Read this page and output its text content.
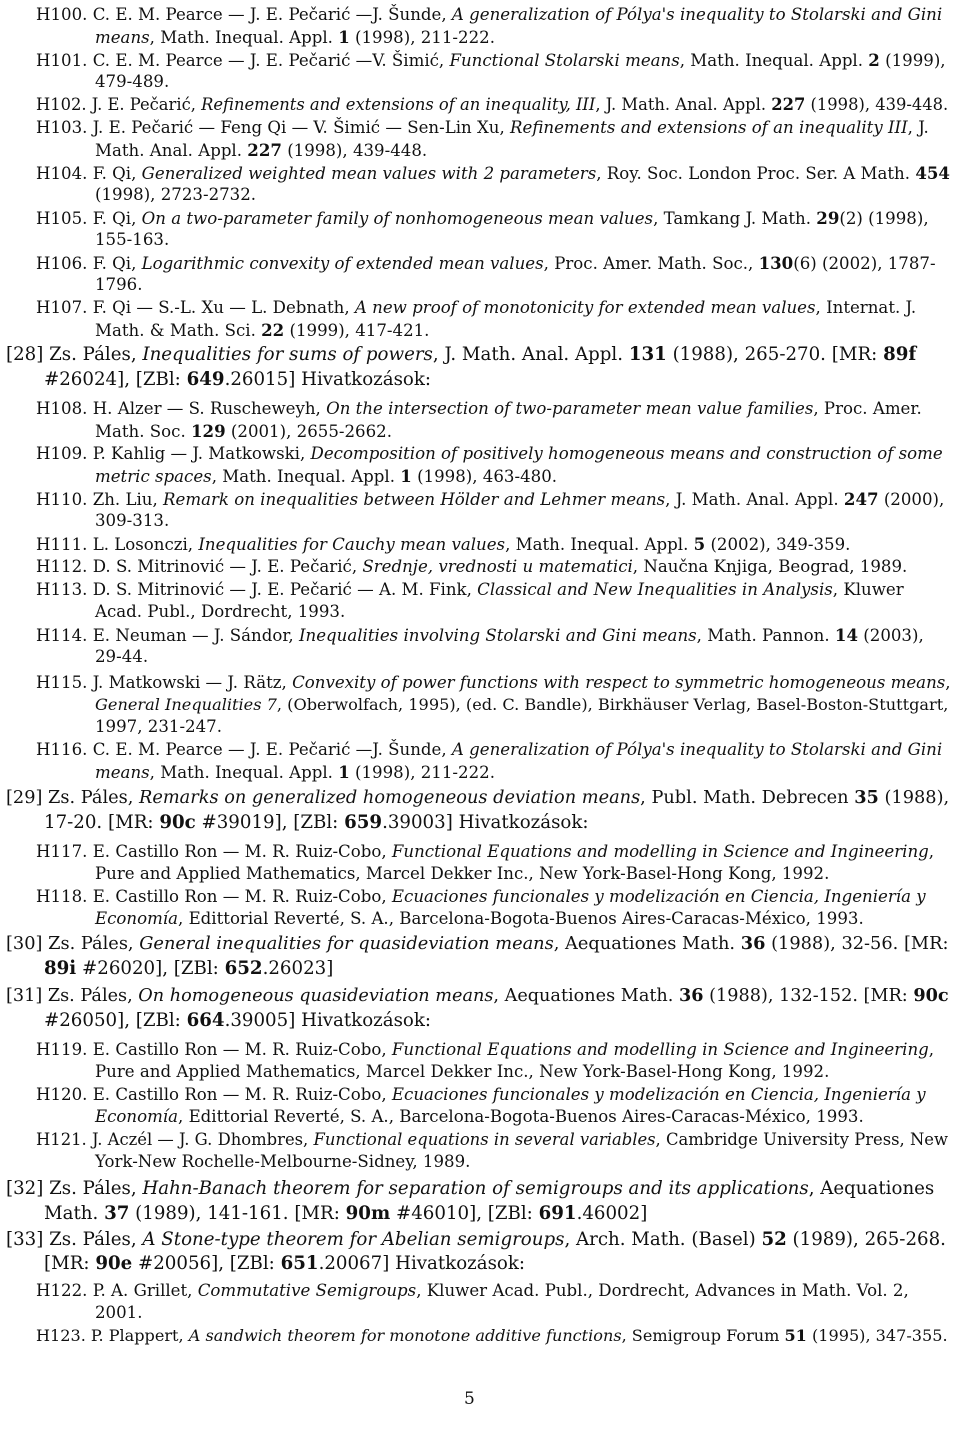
H100. C. E. M. Pearce — J. E. Pečarić —J. Šunde, A generalization of Pólya's inequality to Stolarski and Gini
means, Math. Inequal. Appl. 1 (1998), 211-222.
H101. C. E. M. Pearce — J. E. Pečarić —V. Šimić, Functional Stolarski means, Math. Inequal. Appl. 2 (1999),
479-489.
H102. J. E. Pečarić, Refinements and extensions of an inequality, III, J. Math. Anal. Appl. 227 (1998), 439-448.
H103. J. E. Pečarić — Feng Qi — V. Šimić — Sen-Lin Xu, Refinements and extensions of an inequality III, J.
Math. Anal. Appl. 227 (1998), 439-448.
H104. F. Qi, Generalized weighted mean values with 2 parameters, Roy. Soc. London Proc. Ser. A Math. 454
(1998), 2723-2732.
H105. F. Qi, On a two-parameter family of nonhomogeneous mean values, Tamkang J. Math. 29(2) (1998),
155-163.
H106. F. Qi, Logarithmic convexity of extended mean values, Proc. Amer. Math. Soc., 130(6) (2002), 1787-
1796.
H107. F. Qi — S.-L. Xu — L. Debnath, A new proof of monotonicity for extended mean values, Internat. J.
Math. & Math. Sci. 22 (1999), 417-421.
[28] Zs. Páles, Inequalities for sums of powers, J. Math. Anal. Appl. 131 (1988), 265-270. [MR: 89f
#26024], [ZBl: 649.26015] Hivatkozások:
H108. H. Alzer — S. Ruscheweyh, On the intersection of two-parameter mean value families, Proc. Amer.
Math. Soc. 129 (2001), 2655-2662.
H109. P. Kahlig — J. Matkowski, Decomposition of positively homogeneous means and construction of some
metric spaces, Math. Inequal. Appl. 1 (1998), 463-480.
H110. Zh. Liu, Remark on inequalities between Hölder and Lehmer means, J. Math. Anal. Appl. 247 (2000),
309-313.
H111. L. Losonczi, Inequalities for Cauchy mean values, Math. Inequal. Appl. 5 (2002), 349-359.
H112. D. S. Mitrinović — J. E. Pečarić, Srednje, vrednosti u matematici, Naučna Knjiga, Beograd, 1989.
H113. D. S. Mitrinović — J. E. Pečarić — A. M. Fink, Classical and New Inequalities in Analysis, Kluwer
Acad. Publ., Dordrecht, 1993.
H114. E. Neuman — J. Sándor, Inequalities involving Stolarski and Gini means, Math. Pannon. 14 (2003),
29-44.
H115. J. Matkowski — J. Rätz, Convexity of power functions with respect to symmetric homogeneous means,
General Inequalities 7, (Oberwolfach, 1995), (ed. C. Bandle), Birkhäuser Verlag, Basel-Boston-Stuttgart,
1997, 231-247.
H116. C. E. M. Pearce — J. E. Pečarić —J. Šunde, A generalization of Pólya's inequality to Stolarski and Gini
means, Math. Inequal. Appl. 1 (1998), 211-222.
[29] Zs. Páles, Remarks on generalized homogeneous deviation means, Publ. Math. Debrecen 35 (1988),
17-20. [MR: 90c #39019], [ZBl: 659.39003] Hivatkozások:
H117. E. Castillo Ron — M. R. Ruiz-Cobo, Functional Equations and modelling in Science and Ingineering,
Pure and Applied Mathematics, Marcel Dekker Inc., New York-Basel-Hong Kong, 1992.
H118. E. Castillo Ron — M. R. Ruiz-Cobo, Ecuaciones funcionales y modelización en Ciencia, Ingeniería y
Economía, Edittorial Reverté, S. A., Barcelona-Bogota-Buenos Aires-Caracas-México, 1993.
[30] Zs. Páles, General inequalities for quasideviation means, Aequationes Math. 36 (1988), 32-56. [MR:
89i #26020], [ZBl: 652.26023]
[31] Zs. Páles, On homogeneous quasideviation means, Aequationes Math. 36 (1988), 132-152. [MR: 90c
#26050], [ZBl: 664.39005] Hivatkozások:
H119. E. Castillo Ron — M. R. Ruiz-Cobo, Functional Equations and modelling in Science and Ingineering,
Pure and Applied Mathematics, Marcel Dekker Inc., New York-Basel-Hong Kong, 1992.
H120. E. Castillo Ron — M. R. Ruiz-Cobo, Ecuaciones funcionales y modelización en Ciencia, Ingeniería y
Economía, Edittorial Reverté, S. A., Barcelona-Bogota-Buenos Aires-Caracas-México, 1993.
H121. J. Aczél — J. G. Dhombres, Functional equations in several variables, Cambridge University Press, New
York-New Rochelle-Melbourne-Sidney, 1989.
[32] Zs. Páles, Hahn-Banach theorem for separation of semigroups and its applications, Aequationes
Math. 37 (1989), 141-161. [MR: 90m #46010], [ZBl: 691.46002]
[33] Zs. Páles, A Stone-type theorem for Abelian semigroups, Arch. Math. (Basel) 52 (1989), 265-268.
[MR: 90e #20056], [ZBl: 651.20067] Hivatkozások:
H122. P. A. Grillet, Commutative Semigroups, Kluwer Acad. Publ., Dordrecht, Advances in Math. Vol. 2,
2001.
H123. P. Plappert, A sandwich theorem for monotone additive functions, Semigroup Forum 51 (1995), 347-355.
5
